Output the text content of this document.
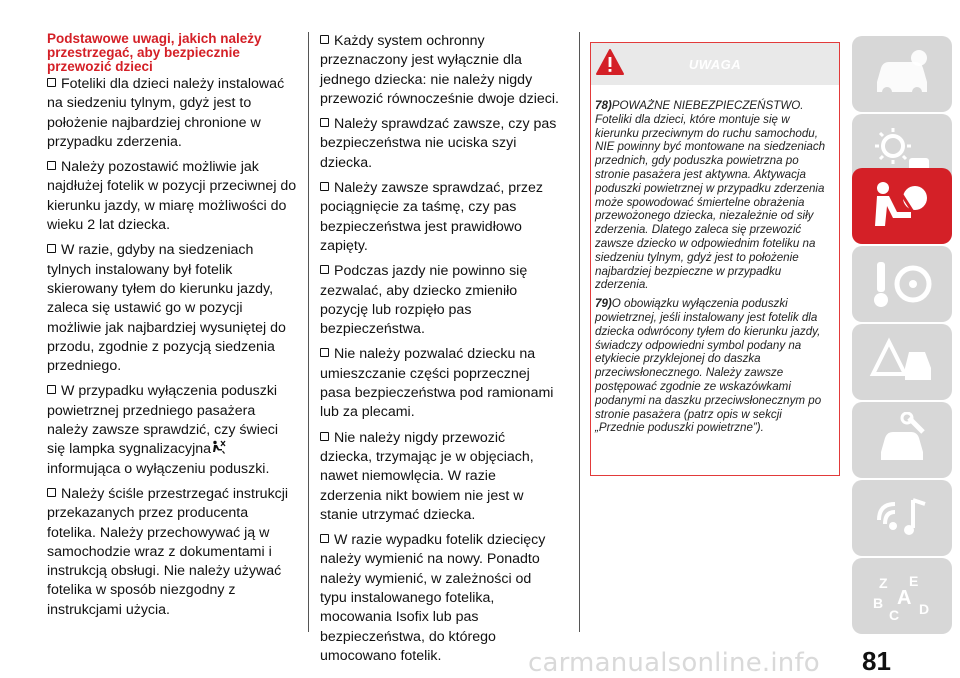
Podstawowe uwagi, jakich należy przestrzegać, aby bezpiecznie przewozić dzieci
Foteliki dla dzieci należy instalować na siedzeniu tylnym, gdyż jest to położenie najbardziej chronione w przypadku zderzenia.
Należy pozostawić możliwie jak najdłużej fotelik w pozycji przeciwnej do kierunku jazdy, w miarę możliwości do wieku 2 lat dziecka.
W razie, gdyby na siedzeniach tylnych instalowany był fotelik skierowany tyłem do kierunku jazdy, zaleca się ustawić go w pozycji możliwie jak najbardziej wysuniętej do przodu, zgodnie z pozycją siedzenia przedniego.
W przypadku wyłączenia poduszki powietrznej przedniego pasażera należy zawsze sprawdzić, czy świeci się lampka sygnalizacyjnainformująca o wyłączeniu poduszki.
Należy ściśle przestrzegać instrukcji przekazanych przez producenta fotelika. Należy przechowywać ją w samochodzie wraz z dokumentami i instrukcją obsługi. Nie należy używać fotelika w sposób niezgodny z instrukcjami użycia.
Każdy system ochronny przeznaczony jest wyłącznie dla jednego dziecka: nie należy nigdy przewozić równocześnie dwoje dzieci.
Należy sprawdzać zawsze, czy pas bezpieczeństwa nie uciska szyi dziecka.
Należy zawsze sprawdzać, przez pociągnięcie za taśmę, czy pas bezpieczeństwa jest prawidłowo zapięty.
Podczas jazdy nie powinno się zezwalać, aby dziecko zmieniło pozycję lub rozpięło pas bezpieczeństwa.
Nie należy pozwalać dziecku na umieszczanie części poprzecznej pasa bezpieczeństwa pod ramionami lub za plecami.
Nie należy nigdy przewozić dziecka, trzymając je w objęciach, nawet niemowlęcia. W razie zderzenia nikt bowiem nie jest w stanie utrzymać dziecka.
W razie wypadku fotelik dziecięcy należy wymienić na nowy. Ponadto należy wymienić, w zależności od typu instalowanego fotelika, mocowania Isofix lub pas bezpieczeństwa, do którego umocowano fotelik.
UWAGA
78)POWAŻNE NIEBEZPIECZEŃSTWO. Foteliki dla dzieci, które montuje się w kierunku przeciwnym do ruchu samochodu, NIE powinny być montowane na siedzeniach przednich, gdy poduszka powietrzna po stronie pasażera jest aktywna. Aktywacja poduszki powietrznej w przypadku zderzenia może spowodować śmiertelne obrażenia przewożonego dziecka, niezależnie od siły zderzenia. Dlatego zaleca się przewozić zawsze dziecko w odpowiednim foteliku na siedzeniu tylnym, gdyż jest to położenie najbardziej bezpieczne w przypadku zderzenia.
79)O obowiązku wyłączenia poduszki powietrznej, jeśli instalowany jest fotelik dla dziecka odwrócony tyłem do kierunku jazdy, świadczy odpowiedni symbol podany na etykiecie przyklejonej do daszka przeciwsłonecznego. Należy zawsze postępować zgodnie ze wskazówkami podanymi na daszku przeciwsłonecznym po stronie pasażera (patrz opis w sekcji „Przednie poduszki powietrzne”).
Z E
B A
C D
81
carmanualsonline.info
